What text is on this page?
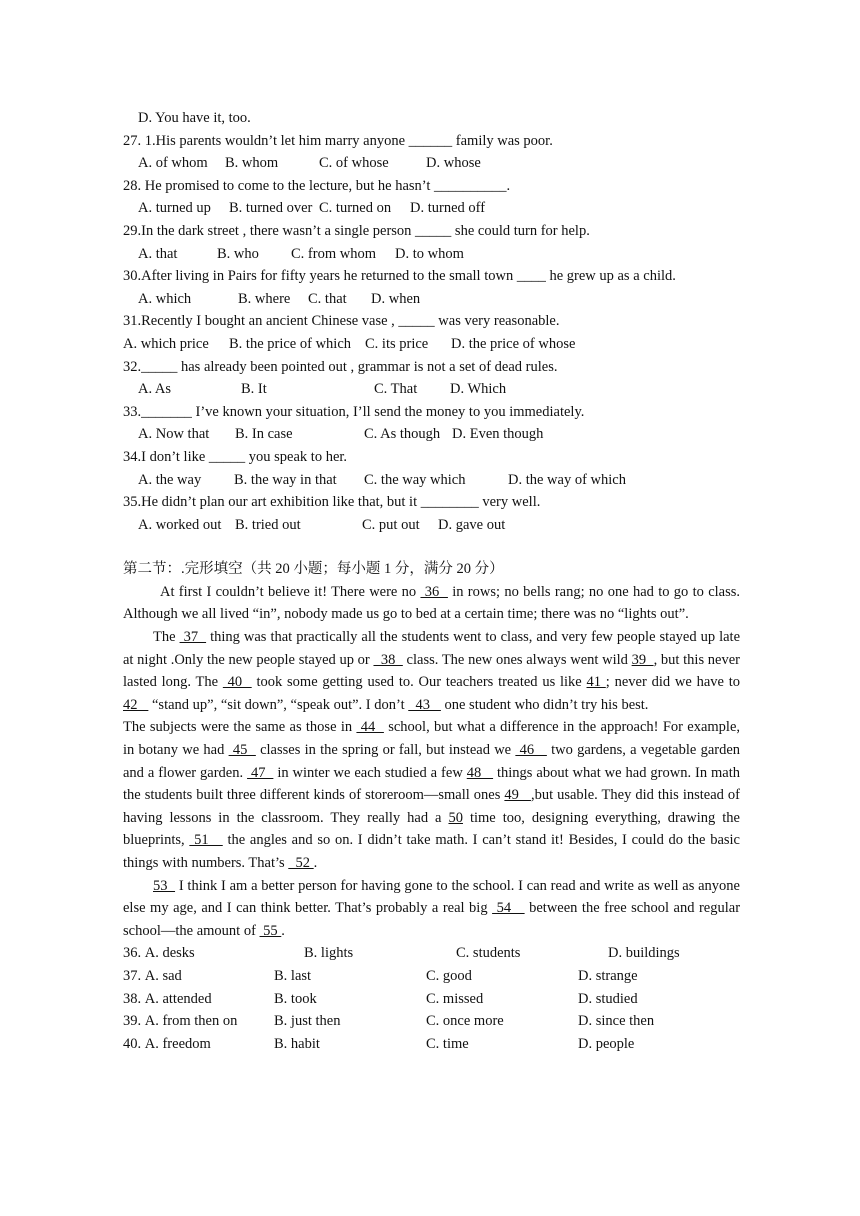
D. You have it, too.
27. 1.His parents wouldn’t let him marry anyone ______ family was poor.
A. of whom B. whom	C. of whose	D. whose
28. He promised to come to the lecture, but he hasn’t __________.
A. turned up B. turned over C. turned on D. turned off
29.In the dark street , there wasn’t a single person _____ she could turn for help.
A. that	B. who C. from whom D. to whom
30.After living in Pairs for fifty years he returned to the small town ____ he grew up as a child.
A. which	B. where C. that D. when
31.Recently I bought an ancient Chinese vase , _____ was very reasonable.
A. which price B. the price of which C. its price D. the price of whose
32._____ has already been pointed out , grammar is not a set of dead rules.
A. As	B. It	C. That D. Which
33._______ I’ve known your situation, I’ll send the money to you immediately.
A. Now that B. In case	C. As though D. Even though
34.I don’t like _____ you speak to her.
A. the way B. the way in that C. the way which	D. the way of which
35.He didn’t plan our art exhibition like that, but it ________ very well.
A. worked out B. tried out	C. put out D. gave out
第二节：.完形填空（共 20 小题；每小题 1 分，满分 20 分）

At first I couldn’t believe it! There were no  36   in rows; no bells rang; no one had to go to class. Although we all lived “in”, nobody made us go to bed at a certain time; there was no “lights out”.

The  37   thing was that practically all the students went to class, and very few people stayed up late at night .Only the new people stayed up or   38   class. The new ones always went wild 39  , but this never lasted long. The  40   took some getting used to. Our teachers treated us like 41 ; never did we have to 42    “stand up”, “sit down”, “speak out”. I don’t   43    one student who didn’t try his best.

The subjects were the same as those in  44   school, but what a difference in the approach! For example, in botany we had  45   classes in the spring or fall, but instead we  46    two gardens, a vegetable garden and a flower garden.  47   in winter we each studied a few 48    things about what we had grown. In math the students built three different kinds of storeroom—small ones 49   ,but usable. They did this instead of having lessons in the classroom. They really had a 50 time too, designing everything, drawing the blueprints,  51    the angles and so on. I didn’t take math. I can’t stand it! Besides, I could do the basic things with numbers. That’s   52 .

53   I think I am a better person for having gone to the school. I can read and write as well as anyone else my age, and I can think better. That’s probably a real big  54    between the free school and regular school—the amount of  55 .

36. A. desks	B. lights	C. students	D. buildings
37. A. sad	B. last	C. good	D. strange
38. A. attended	B. took	C. missed	D. studied
39. A. from then on	B. just then	C. once more	D. since then
40. A. freedom	B. habit	C. time	D. people
